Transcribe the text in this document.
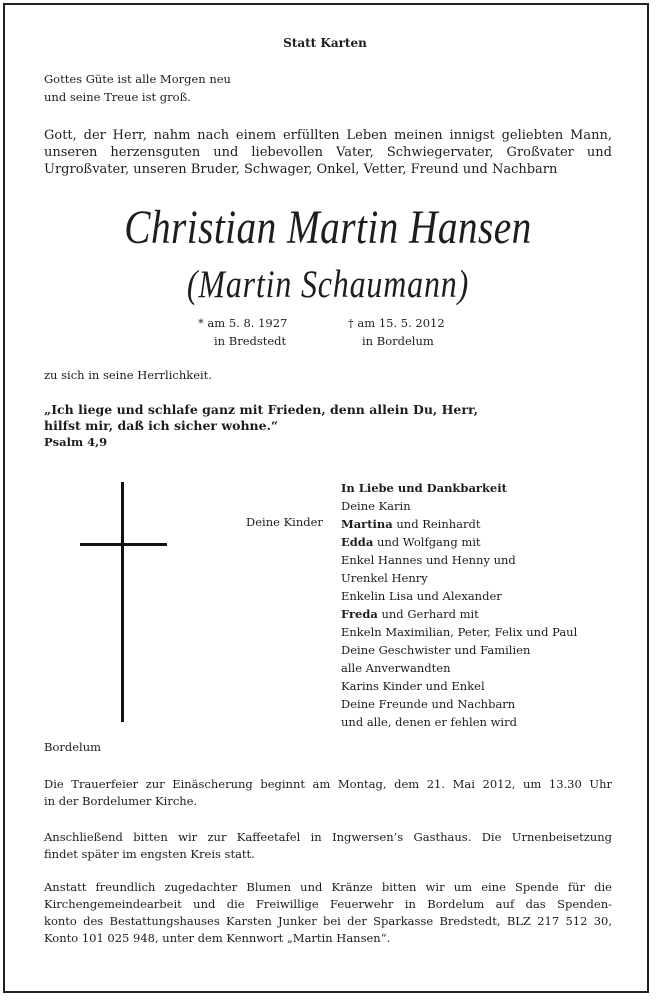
Statt Karten
Gottes Güte ist alle Morgen neu
und seine Treue ist groß.
Gott, der Herr, nahm nach einem erfüllten Leben meinen innigst geliebten Mann,
unseren herzensguten und liebevollen Vater, Schwiegervater, Großvater und
Urgroßvater, unseren Bruder, Schwager, Onkel, Vetter, Freund und Nachbarn
Christian Martin Hansen
(Martin Schaumann)
* am 5. 8. 1927
in Bredstedt
† am 15. 5. 2012
in Bordelum
zu sich in seine Herrlichkeit.
„Ich liege und schlafe ganz mit Frieden, denn allein Du, Herr,
hilfst mir, daß ich sicher wohne.“
Psalm 4,9
Deine Kinder
In Liebe und Dankbarkeit
Deine Karin
Martina und Reinhardt
Edda und Wolfgang mit
Enkel Hannes und Henny und
Urenkel Henry
Enkelin Lisa und Alexander
Freda und Gerhard mit
Enkeln Maximilian, Peter, Felix und Paul
Deine Geschwister und Familien
alle Anverwandten
Karins Kinder und Enkel
Deine Freunde und Nachbarn
und alle, denen er fehlen wird
Bordelum
Die Trauerfeier zur Einäscherung beginnt am Montag, dem 21. Mai 2012, um 13.30 Uhr
in der Bordelumer Kirche.
Anschließend bitten wir zur Kaffeetafel in Ingwersen’s Gasthaus. Die Urnenbeisetzung
findet später im engsten Kreis statt.
Anstatt freundlich zugedachter Blumen und Kränze bitten wir um eine Spende für die
Kirchengemeindearbeit und die Freiwillige Feuerwehr in Bordelum auf das Spenden-
konto des Bestattungshauses Karsten Junker bei der Sparkasse Bredstedt, BLZ 217 512 30,
Konto 101 025 948, unter dem Kennwort „Martin Hansen“.
